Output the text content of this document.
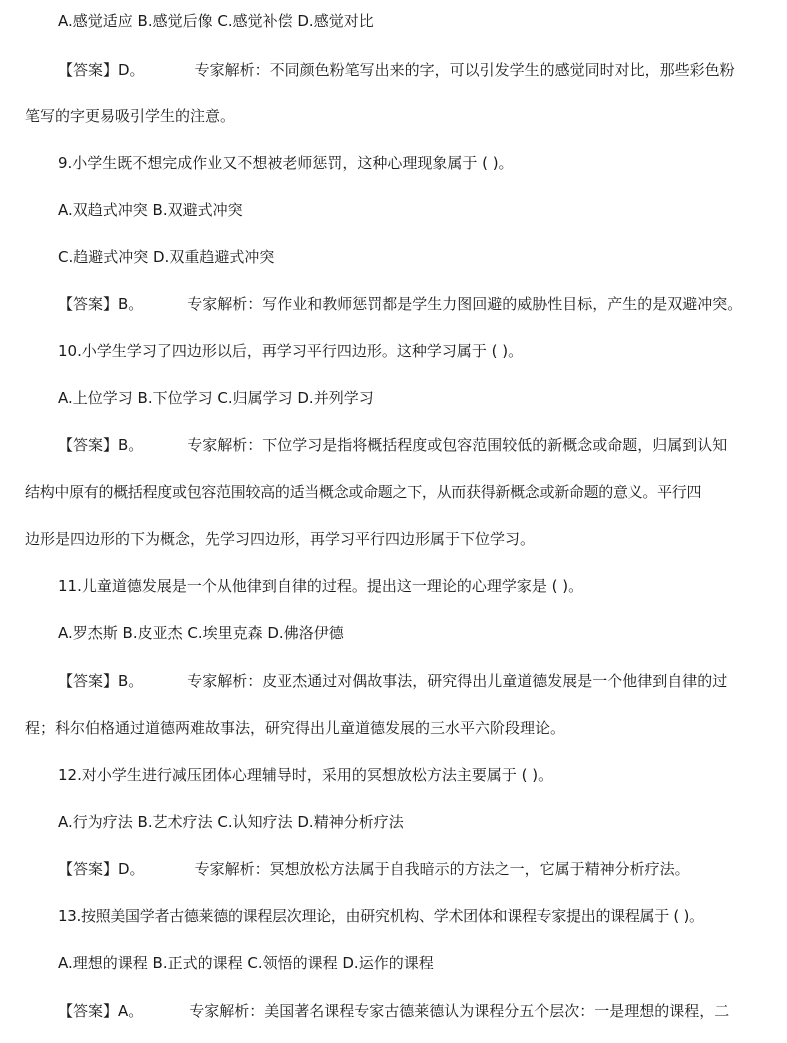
A.感觉适应 B.感觉后像 C.感觉补偿 D.感觉对比
【答案】D。	专家解析：不同颜色粉笔写出来的字，可以引发学生的感觉同时对比，那些彩色粉
笔写的字更易吸引学生的注意。
9.小学生既不想完成作业又不想被老师惩罚，这种心理现象属于 ( )。
A.双趋式冲突 B.双避式冲突
C.趋避式冲突 D.双重趋避式冲突
【答案】B。	专家解析：写作业和教师惩罚都是学生力图回避的威胁性目标，产生的是双避冲突。
10.小学生学习了四边形以后，再学习平行四边形。这种学习属于 ( )。
A.上位学习 B.下位学习 C.归属学习 D.并列学习
【答案】B。	专家解析：下位学习是指将概括程度或包容范围较低的新概念或命题，归属到认知
结构中原有的概括程度或包容范围较高的适当概念或命题之下，从而获得新概念或新命题的意义。平行四
边形是四边形的下为概念，先学习四边形，再学习平行四边形属于下位学习。
11.儿童道德发展是一个从他律到自律的过程。提出这一理论的心理学家是 ( )。
A.罗杰斯 B.皮亚杰 C.埃里克森 D.佛洛伊德
【答案】B。	专家解析：皮亚杰通过对偶故事法，研究得出儿童道德发展是一个他律到自律的过
程；科尔伯格通过道德两难故事法，研究得出儿童道德发展的三水平六阶段理论。
12.对小学生进行减压团体心理辅导时，采用的冥想放松方法主要属于 ( )。
A.行为疗法 B.艺术疗法 C.认知疗法 D.精神分析疗法
【答案】D。	专家解析：冥想放松方法属于自我暗示的方法之一，它属于精神分析疗法。
13.按照美国学者古德莱德的课程层次理论，由研究机构、学术团体和课程专家提出的课程属于 ( )。
A.理想的课程 B.正式的课程 C.领悟的课程 D.运作的课程
【答案】A。	专家解析：美国著名课程专家古德莱德认为课程分五个层次：一是理想的课程，二
